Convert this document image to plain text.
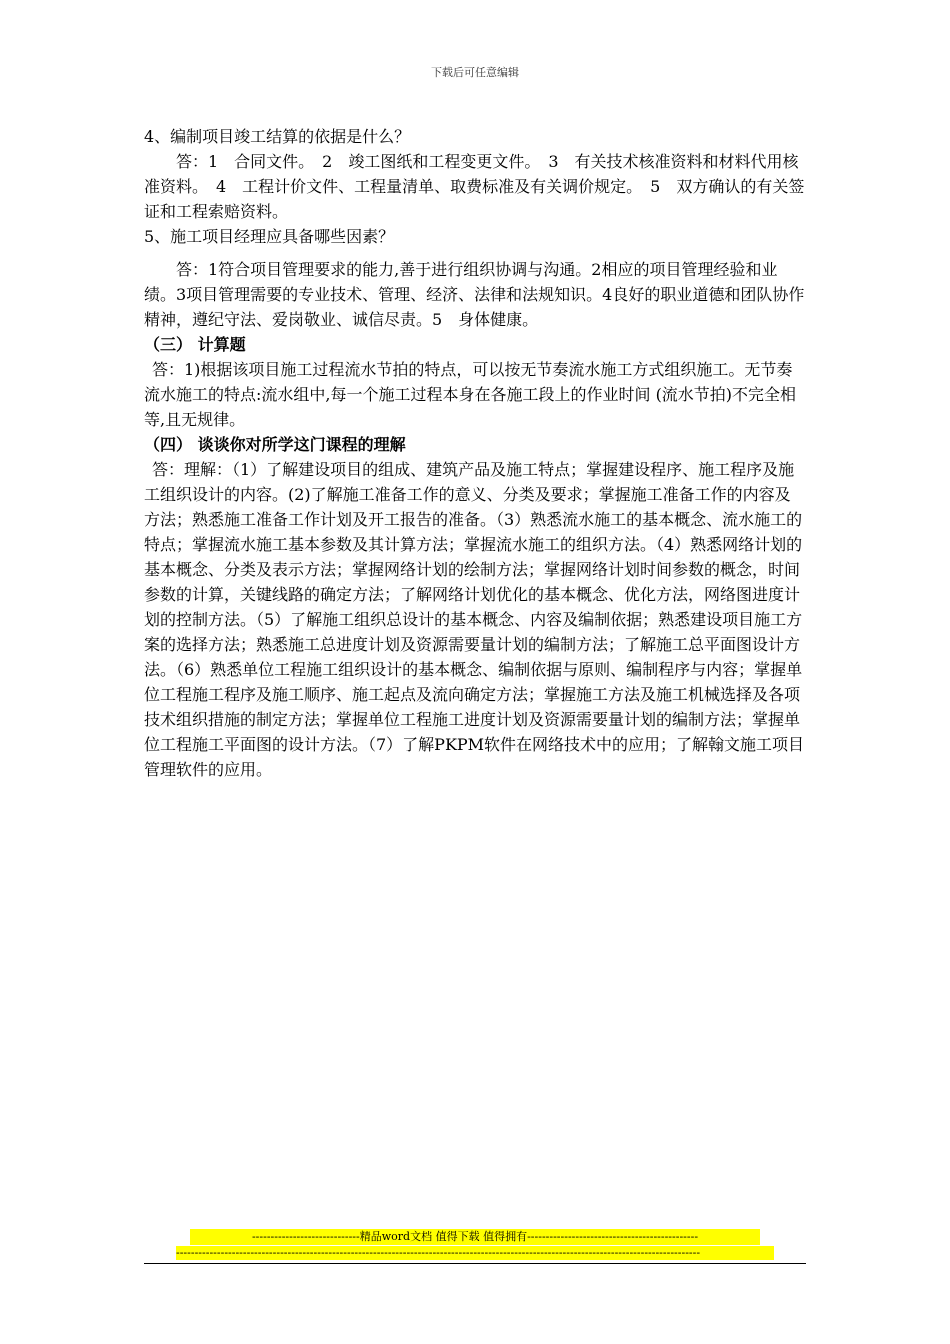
下载后可任意编辑

4、编制项目竣工结算的依据是什么？

答：1　合同文件。　2　竣工图纸和工程变更文件。　3　有关技术核准资料和材料代用核准资料。　4　工程计价文件、工程量清单、取费标准及有关调价规定。　5　双方确认的有关签证和工程索赔资料。

5、施工项目经理应具备哪些因素？

答：1符合项目管理要求的能力,善于进行组织协调与沟通。2相应的项目管理经验和业绩。3项目管理需要的专业技术、管理、经济、法律和法规知识。4良好的职业道德和团队协作精神，遵纪守法、爱岗敬业、诚信尽责。5　身体健康。

（三） 计算题

答：1)根据该项目施工过程流水节拍的特点，可以按无节奏流水施工方式组织施工。无节奏流水施工的特点:流水组中,每一个施工过程本身在各施工段上的作业时间 (流水节拍)不完全相等,且无规律。

（四） 谈谈你对所学这门课程的理解

答：理解：（1）了解建设项目的组成、建筑产品及施工特点；掌握建设程序、施工程序及施工组织设计的内容。(2)了解施工准备工作的意义、分类及要求；掌握施工准备工作的内容及方法；熟悉施工准备工作计划及开工报告的准备。（3）熟悉流水施工的基本概念、流水施工的特点；掌握流水施工基本参数及其计算方法；掌握流水施工的组织方法。（4）熟悉网络计划的基本概念、分类及表示方法；掌握网络计划的绘制方法；掌握网络计划时间参数的概念，时间参数的计算，关键线路的确定方法；了解网络计划优化的基本概念、优化方法，网络图进度计划的控制方法。（5）了解施工组织总设计的基本概念、内容及编制依据；熟悉建设项目施工方案的选择方法；熟悉施工总进度计划及资源需要量计划的编制方法；了解施工总平面图设计方法。（6）熟悉单位工程施工组织设计的基本概念、编制依据与原则、编制程序与内容；掌握单位工程施工程序及施工顺序、施工起点及流向确定方法；掌握施工方法及施工机械选择及各项技术组织措施的制定方法；掌握单位工程施工进度计划及资源需要量计划的编制方法；掌握单位工程施工平面图的设计方法。（7）了解PKPM软件在网络技术中的应用；了解翰文施工项目管理软件的应用。

-----------------------------精品word文档 值得下载 值得拥有----------------------------------------------
---------------------------------------------------------------------------------------------------------------------------------------------
